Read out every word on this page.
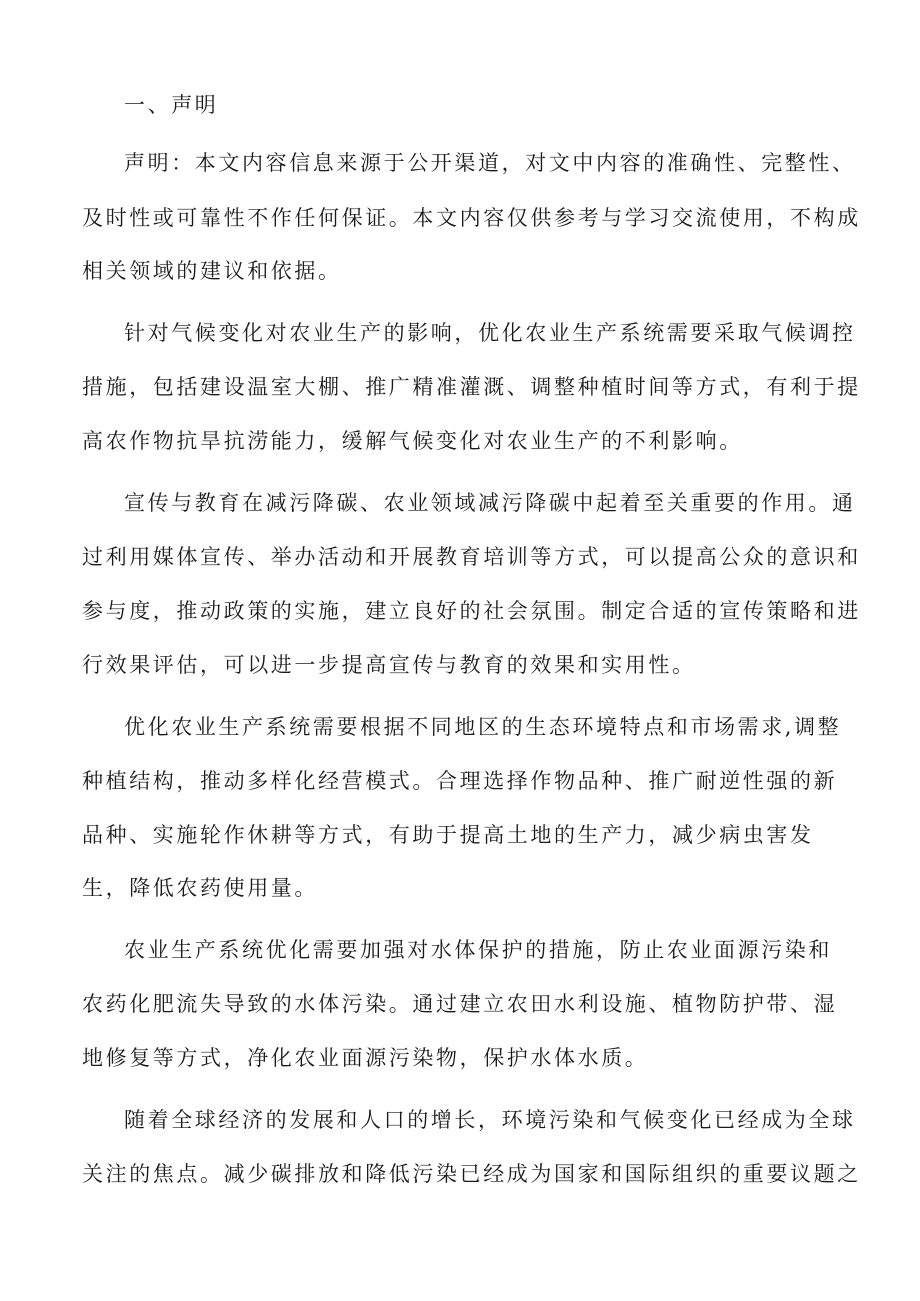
一、声明
声明：本文内容信息来源于公开渠道，对文中内容的准确性、完整性、
及时性或可靠性不作任何保证。本文内容仅供参考与学习交流使用，不构成
相关领域的建议和依据。
针对气候变化对农业生产的影响，优化农业生产系统需要采取气候调控
措施，包括建设温室大棚、推广精准灌溉、调整种植时间等方式，有利于提
高农作物抗旱抗涝能力，缓解气候变化对农业生产的不利影响。
宣传与教育在减污降碳、农业领域减污降碳中起着至关重要的作用。通
过利用媒体宣传、举办活动和开展教育培训等方式，可以提高公众的意识和
参与度，推动政策的实施，建立良好的社会氛围。制定合适的宣传策略和进
行效果评估，可以进一步提高宣传与教育的效果和实用性。
优化农业生产系统需要根据不同地区的生态环境特点和市场需求,调整
种植结构，推动多样化经营模式。合理选择作物品种、推广耐逆性强的新
品种、实施轮作休耕等方式，有助于提高土地的生产力，减少病虫害发
生，降低农药使用量。
农业生产系统优化需要加强对水体保护的措施，防止农业面源污染和
农药化肥流失导致的水体污染。通过建立农田水利设施、植物防护带、湿
地修复等方式，净化农业面源污染物，保护水体水质。
随着全球经济的发展和人口的增长，环境污染和气候变化已经成为全球
关注的焦点。减少碳排放和降低污染已经成为国家和国际组织的重要议题之
